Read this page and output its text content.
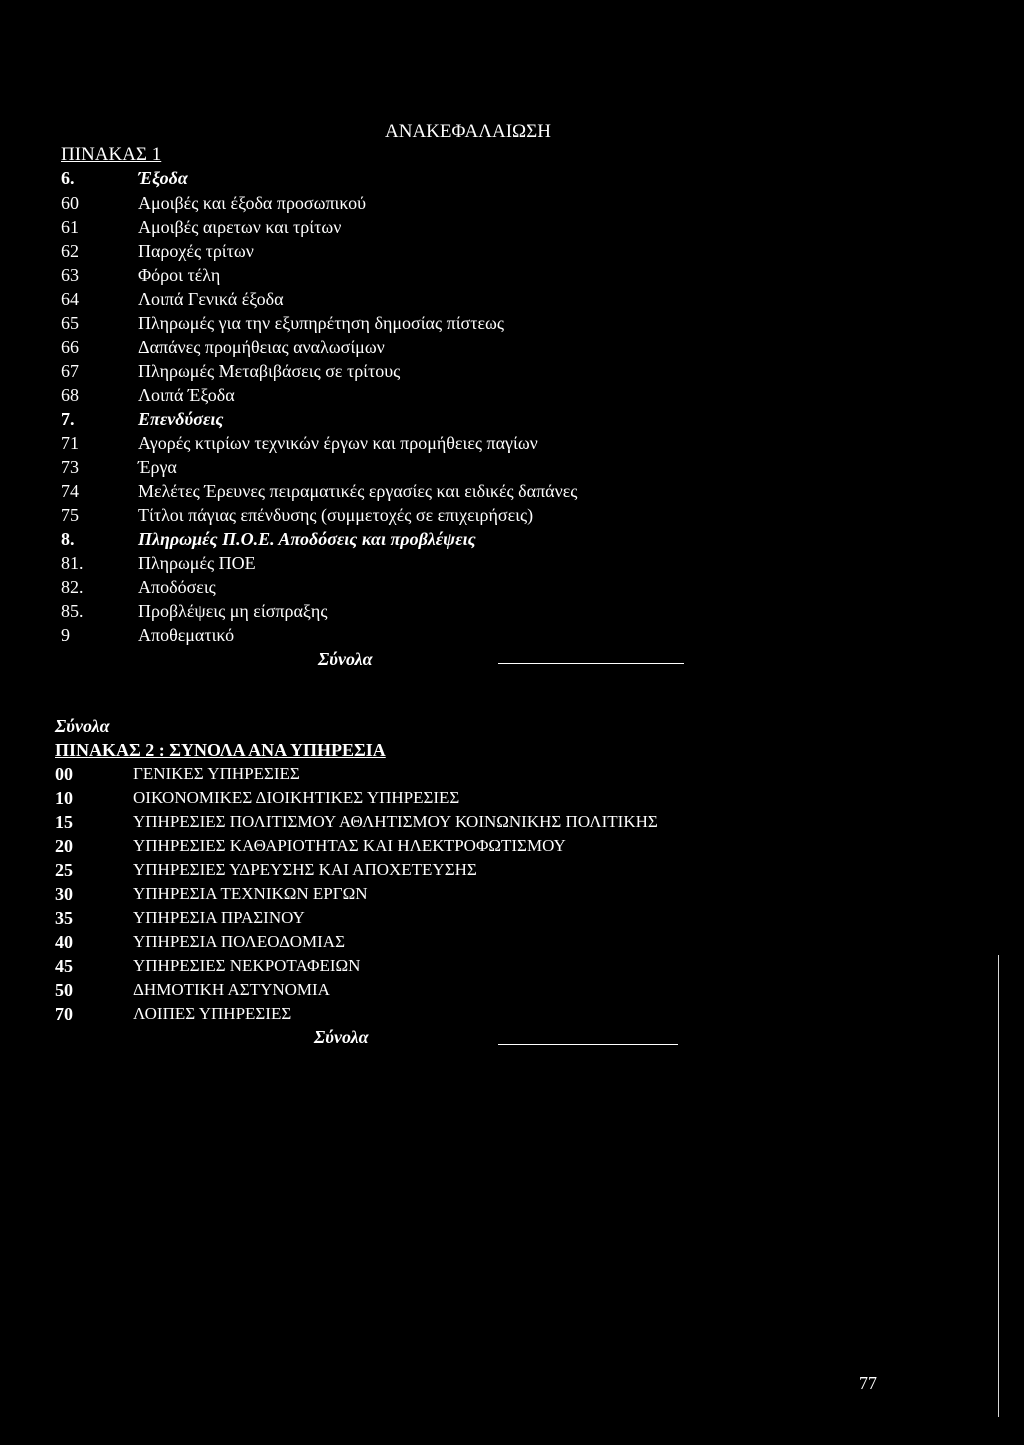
ΑΝΑΚΕΦΑΛΑΙΩΣΗ
ΠΙΝΑΚΑΣ 1
6.	Έξοδα
60	Αμοιβές και έξοδα προσωπικού
61	Αμοιβές αιρετων και τρίτων
62	Παροχές τρίτων
63	Φόροι τέλη
64	Λοιπά Γενικά έξοδα
65	Πληρωμές για την εξυπηρέτηση δημοσίας πίστεως
66	Δαπάνες προμήθειας αναλωσίμων
67	Πληρωμές Μεταβιβάσεις σε τρίτους
68	Λοιπά Έξοδα
7.	Επενδύσεις
71	Αγορές κτιρίων τεχνικών έργων και προμήθειες παγίων
73	Έργα
74	Μελέτες Έρευνες πειραματικές εργασίες και ειδικές δαπάνες
75	Τίτλοι πάγιας επένδυσης (συμμετοχές σε επιχειρήσεις)
8.	Πληρωμές Π.Ο.Ε. Αποδόσεις και προβλέψεις
81.	Πληρωμές ΠΟΕ
82.	Αποδόσεις
85.	Προβλέψεις μη είσπραξης
9	Αποθεματικό
Σύνολα
Σύνολα
ΠΙΝΑΚΑΣ 2 : ΣΥΝΟΛΑ ΑΝΑ ΥΠΗΡΕΣΙΑ
00	ΓΕΝΙΚΕΣ ΥΠΗΡΕΣΙΕΣ
10	ΟΙΚΟΝΟΜΙΚΕΣ ΔΙΟΙΚΗΤΙΚΕΣ ΥΠΗΡΕΣΙΕΣ
15	ΥΠΗΡΕΣΙΕΣ ΠΟΛΙΤΙΣΜΟΥ ΑΘΛΗΤΙΣΜΟΥ ΚΟΙΝΩΝΙΚΗΣ ΠΟΛΙΤΙΚΗΣ
20	ΥΠΗΡΕΣΙΕΣ ΚΑΘΑΡΙΟΤΗΤΑΣ ΚΑΙ ΗΛΕΚΤΡΟΦΩΤΙΣΜΟΥ
25	ΥΠΗΡΕΣΙΕΣ ΥΔΡΕΥΣΗΣ ΚΑΙ ΑΠΟΧΕΤΕΥΣΗΣ
30	ΥΠΗΡΕΣΙΑ ΤΕΧΝΙΚΩΝ ΕΡΓΩΝ
35	ΥΠΗΡΕΣΙΑ ΠΡΑΣΙΝΟΥ
40	ΥΠΗΡΕΣΙΑ ΠΟΛΕΟΔΟΜΙΑΣ
45	ΥΠΗΡΕΣΙΕΣ ΝΕΚΡΟΤΑΦΕΙΩΝ
50	ΔΗΜΟΤΙΚΗ ΑΣΤΥΝΟΜΙΑ
70	ΛΟΙΠΕΣ ΥΠΗΡΕΣΙΕΣ
Σύνολα
77
